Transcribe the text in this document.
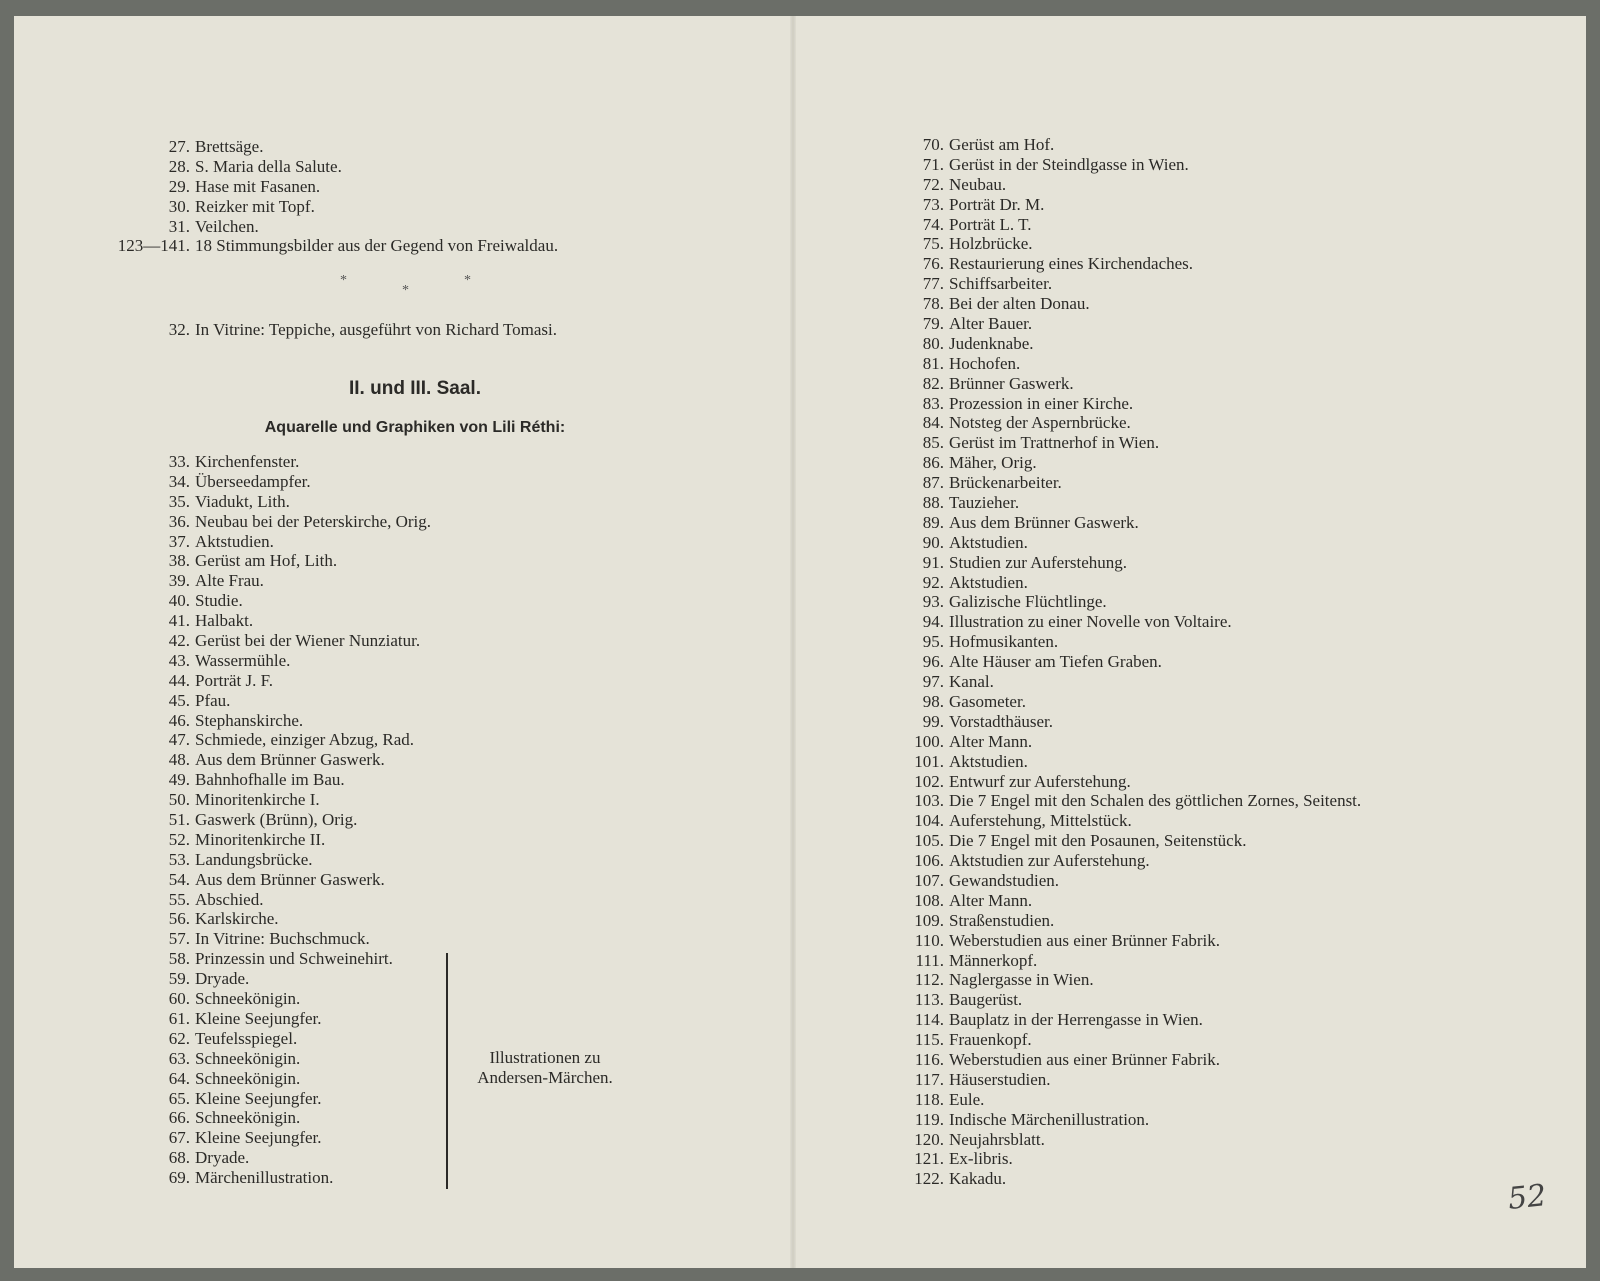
27. Brettsäge.
28. S. Maria della Salute.
29. Hase mit Fasanen.
30. Reizker mit Topf.
31. Veilchen.
123—141. 18 Stimmungsbilder aus der Gegend von Freiwaldau.
*
*
*
32. In Vitrine: Teppiche, ausgeführt von Richard Tomasi.
II. und III. Saal.
Aquarelle und Graphiken von Lili Réthi:
33. Kirchenfenster.
34. Überseedampfer.
35. Viadukt, Lith.
36. Neubau bei der Peterskirche, Orig.
37. Aktstudien.
38. Gerüst am Hof, Lith.
39. Alte Frau.
40. Studie.
41. Halbakt.
42. Gerüst bei der Wiener Nunziatur.
43. Wassermühle.
44. Porträt J. F.
45. Pfau.
46. Stephanskirche.
47. Schmiede, einziger Abzug, Rad.
48. Aus dem Brünner Gaswerk.
49. Bahnhofhalle im Bau.
50. Minoritenkirche I.
51. Gaswerk (Brünn), Orig.
52. Minoritenkirche II.
53. Landungsbrücke.
54. Aus dem Brünner Gaswerk.
55. Abschied.
56. Karlskirche.
57. In Vitrine: Buchschmuck.
58. Prinzessin und Schweinehirt.
59. Dryade.
60. Schneekönigin.
61. Kleine Seejungfer.
62. Teufelsspiegel.
63. Schneekönigin.
64. Schneekönigin.
65. Kleine Seejungfer.
66. Schneekönigin.
67. Kleine Seejungfer.
68. Dryade.
69. Märchenillustration.
Illustrationen zu
Andersen-Märchen.
70. Gerüst am Hof.
71. Gerüst in der Steindlgasse in Wien.
72. Neubau.
73. Porträt Dr. M.
74. Porträt L. T.
75. Holzbrücke.
76. Restaurierung eines Kirchendaches.
77. Schiffsarbeiter.
78. Bei der alten Donau.
79. Alter Bauer.
80. Judenknabe.
81. Hochofen.
82. Brünner Gaswerk.
83. Prozession in einer Kirche.
84. Notsteg der Aspernbrücke.
85. Gerüst im Trattnerhof in Wien.
86. Mäher, Orig.
87. Brückenarbeiter.
88. Tauzieher.
89. Aus dem Brünner Gaswerk.
90. Aktstudien.
91. Studien zur Auferstehung.
92. Aktstudien.
93. Galizische Flüchtlinge.
94. Illustration zu einer Novelle von Voltaire.
95. Hofmusikanten.
96. Alte Häuser am Tiefen Graben.
97. Kanal.
98. Gasometer.
99. Vorstadthäuser.
100. Alter Mann.
101. Aktstudien.
102. Entwurf zur Auferstehung.
103. Die 7 Engel mit den Schalen des göttlichen Zornes, Seitenst.
104. Auferstehung, Mittelstück.
105. Die 7 Engel mit den Posaunen, Seitenstück.
106. Aktstudien zur Auferstehung.
107. Gewandstudien.
108. Alter Mann.
109. Straßenstudien.
110. Weberstudien aus einer Brünner Fabrik.
111. Männerkopf.
112. Naglergasse in Wien.
113. Baugerüst.
114. Bauplatz in der Herrengasse in Wien.
115. Frauenkopf.
116. Weberstudien aus einer Brünner Fabrik.
117. Häuserstudien.
118. Eule.
119. Indische Märchenillustration.
120. Neujahrsblatt.
121. Ex-libris.
122. Kakadu.	52
